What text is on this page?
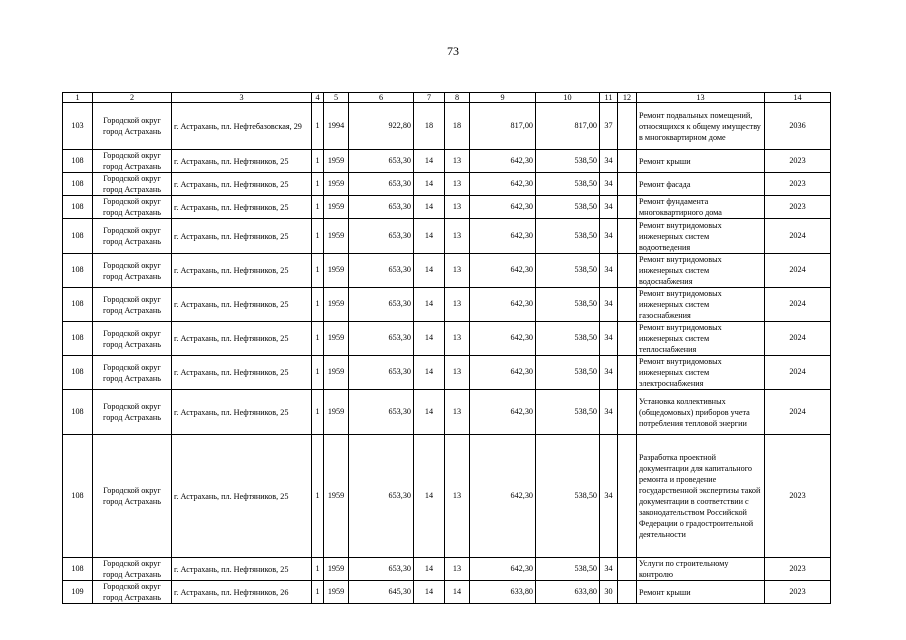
73
1	2	3	4	5	6	7	8	9	10	11	12	13	14
103	Городской округ город Астрахань	г. Астрахань, пл. Нефтебазовская, 29	1	1994	922,80	18	18	817,00	817,00	37		Ремонт подвальных помещений, относящихся к общему имуществу в многоквартирном доме	2036
108	Городской округ город Астрахань	г. Астрахань, пл. Нефтяников, 25	1	1959	653,30	14	13	642,30	538,50	34		Ремонт крыши	2023
108	Городской округ город Астрахань	г. Астрахань, пл. Нефтяников, 25	1	1959	653,30	14	13	642,30	538,50	34		Ремонт фасада	2023
108	Городской округ город Астрахань	г. Астрахань, пл. Нефтяников, 25	1	1959	653,30	14	13	642,30	538,50	34		Ремонт фундамента многоквартирного дома	2023
108	Городской округ город Астрахань	г. Астрахань, пл. Нефтяников, 25	1	1959	653,30	14	13	642,30	538,50	34		Ремонт внутридомовых инженерных систем водоотведения	2024
108	Городской округ город Астрахань	г. Астрахань, пл. Нефтяников, 25	1	1959	653,30	14	13	642,30	538,50	34		Ремонт внутридомовых инженерных систем водоснабжения	2024
108	Городской округ город Астрахань	г. Астрахань, пл. Нефтяников, 25	1	1959	653,30	14	13	642,30	538,50	34		Ремонт внутридомовых инженерных систем газоснабжения	2024
108	Городской округ город Астрахань	г. Астрахань, пл. Нефтяников, 25	1	1959	653,30	14	13	642,30	538,50	34		Ремонт внутридомовых инженерных систем теплоснабжения	2024
108	Городской округ город Астрахань	г. Астрахань, пл. Нефтяников, 25	1	1959	653,30	14	13	642,30	538,50	34		Ремонт внутридомовых инженерных систем электроснабжения	2024
108	Городской округ город Астрахань	г. Астрахань, пл. Нефтяников, 25	1	1959	653,30	14	13	642,30	538,50	34		Установка коллективных (общедомовых) приборов учета потребления тепловой энергии	2024
108	Городской округ город Астрахань	г. Астрахань, пл. Нефтяников, 25	1	1959	653,30	14	13	642,30	538,50	34		Разработка проектной документации для капитального ремонта и проведение государственной экспертизы такой документации в соответствии с законодательством Российской Федерации о градостроительной деятельности	2023
108	Городской округ город Астрахань	г. Астрахань, пл. Нефтяников, 25	1	1959	653,30	14	13	642,30	538,50	34		Услуги по строительному контролю	2023
109	Городской округ город Астрахань	г. Астрахань, пл. Нефтяников, 26	1	1959	645,30	14	14	633,80	633,80	30		Ремонт крыши	2023
